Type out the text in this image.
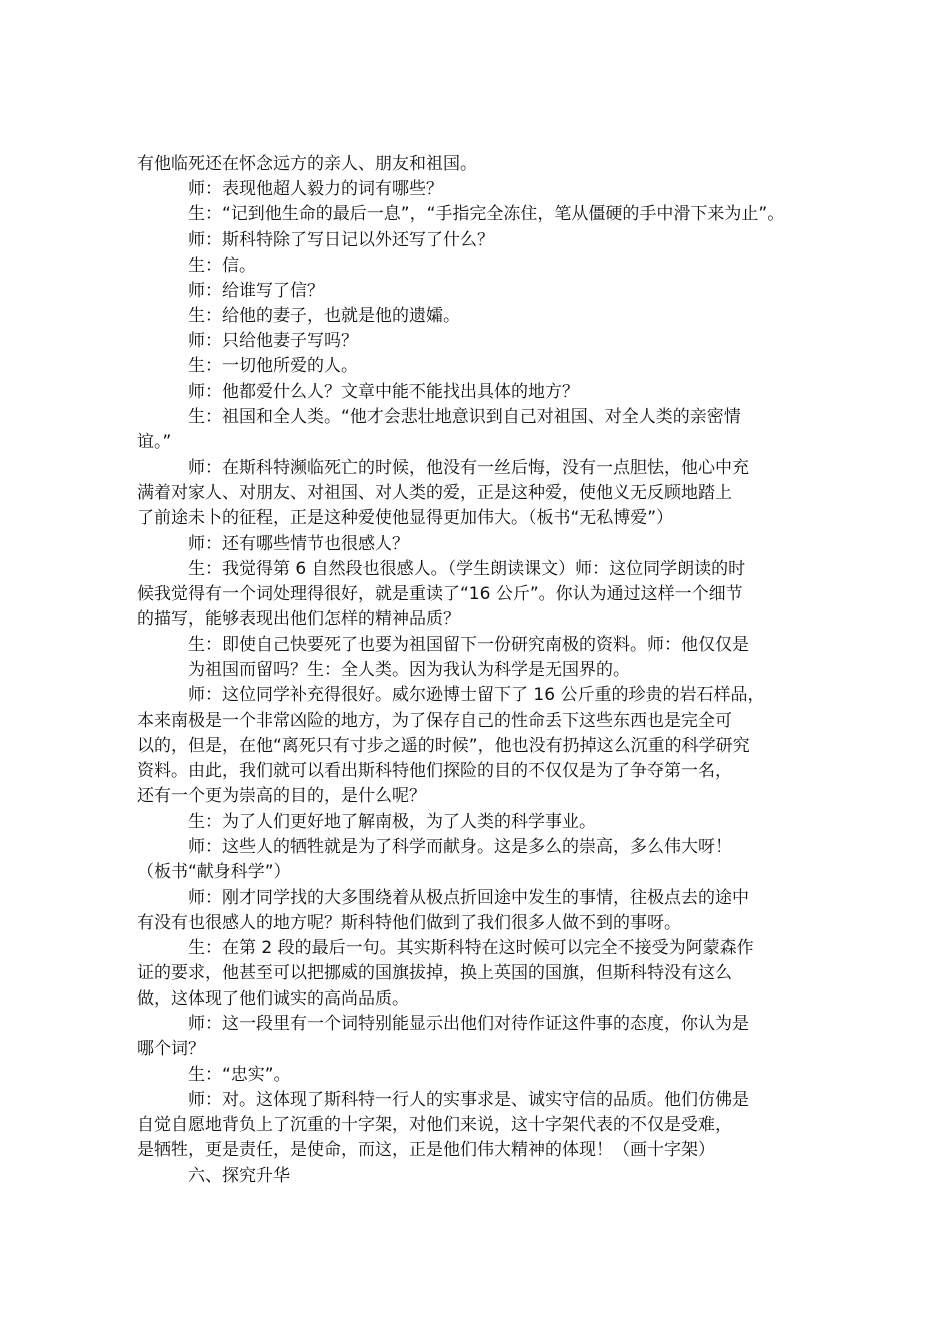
有他临死还在怀念远方的亲人、朋友和祖国。
师：表现他超人毅力的词有哪些？
生：“记到他生命的最后一息”，“手指完全冻住，笔从僵硬的手中滑下来为止”。
师：斯科特除了写日记以外还写了什么？
生：信。
师：给谁写了信？
生：给他的妻子，也就是他的遗孀。
师：只给他妻子写吗？
生：一切他所爱的人。
师：他都爱什么人？文章中能不能找出具体的地方？
生：祖国和全人类。“他才会悲壮地意识到自己对祖国、对全人类的亲密情
谊。”
师：在斯科特濒临死亡的时候，他没有一丝后悔，没有一点胆怯，他心中充
满着对家人、对朋友、对祖国、对人类的爱，正是这种爱，使他义无反顾地踏上
了前途未卜的征程，正是这种爱使他显得更加伟大。（板书“无私博爱”）
师：还有哪些情节也很感人？
生：我觉得第 6 自然段也很感人。（学生朗读课文）师：这位同学朗读的时
候我觉得有一个词处理得很好，就是重读了“16 公斤”。你认为通过这样一个细节
的描写，能够表现出他们怎样的精神品质？
生：即使自己快要死了也要为祖国留下一份研究南极的资料。师：他仅仅是
为祖国而留吗？生：全人类。因为我认为科学是无国界的。
师：这位同学补充得很好。威尔逊博士留下了 16 公斤重的珍贵的岩石样品，
本来南极是一个非常凶险的地方，为了保存自己的性命丢下这些东西也是完全可
以的，但是，在他“离死只有寸步之遥的时候”，他也没有扔掉这么沉重的科学研究
资料。由此，我们就可以看出斯科特他们探险的目的不仅仅是为了争夺第一名，
还有一个更为崇高的目的，是什么呢？
生：为了人们更好地了解南极，为了人类的科学事业。
师：这些人的牺牲就是为了科学而献身。这是多么的崇高，多么伟大呀！
（板书“献身科学”）
师：刚才同学找的大多围绕着从极点折回途中发生的事情，往极点去的途中
有没有也很感人的地方呢？斯科特他们做到了我们很多人做不到的事呀。
生：在第 2 段的最后一句。其实斯科特在这时候可以完全不接受为阿蒙森作
证的要求，他甚至可以把挪威的国旗拔掉，换上英国的国旗，但斯科特没有这么
做，这体现了他们诚实的高尚品质。
师：这一段里有一个词特别能显示出他们对待作证这件事的态度，你认为是
哪个词？
生：“忠实”。
师：对。这体现了斯科特一行人的实事求是、诚实守信的品质。他们仿佛是
自觉自愿地背负上了沉重的十字架，对他们来说，这十字架代表的不仅是受难，
是牺牲，更是责任，是使命，而这，正是他们伟大精神的体现！（画十字架）
六、探究升华
